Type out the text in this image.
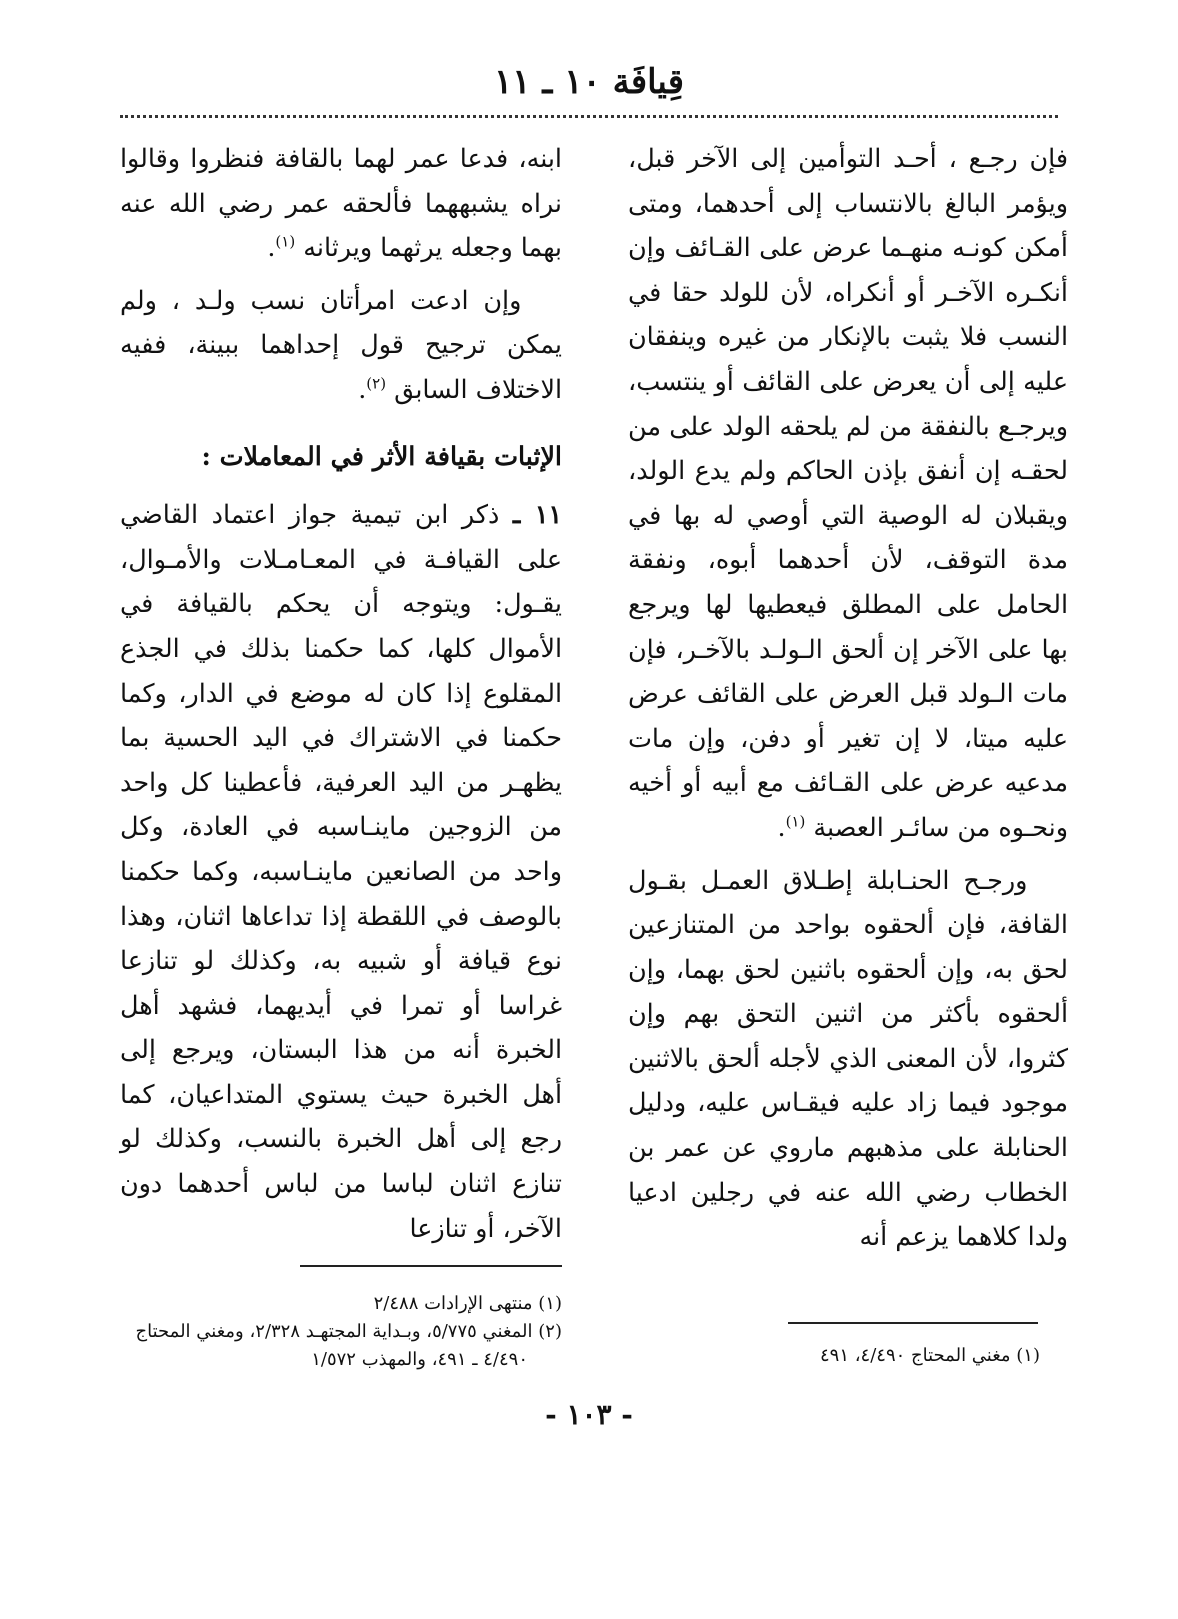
قِيافَة ١٠ ـ ١١

فإن رجـع ، أحـد التوأمين إلى الآخر قبل، ويؤمر البالغ بالانتساب إلى أحدهما، ومتى أمكن كونـه منهـما عرض على القـائف وإن أنكـره الآخـر أو أنكراه، لأن للولد حقا في النسب فلا يثبت بالإنكار من غيره وينفقان عليه إلى أن يعرض على القائف أو ينتسب، ويرجـع بالنفقة من لم يلحقه الولد على من لحقـه إن أنفق بإذن الحاكم ولم يدع الولد، ويقبلان له الوصية التي أوصي له بها في مدة التوقف، لأن أحدهما أبوه، ونفقة الحامل على المطلق فيعطيها لها ويرجع بها على الآخر إن ألحق الـولـد بالآخـر، فإن مات الـولد قبل العرض على القائف عرض عليه ميتا، لا إن تغير أو دفن، وإن مات مدعيه عرض على القـائف مع أبيه أو أخيه ونحـوه من سائـر العصبة $^{(١)}$.

ورجـح الحنـابلة إطـلاق العمـل بقـول القافة، فإن ألحقوه بواحد من المتنازعين لحق به، وإن ألحقوه باثنين لحق بهما، وإن ألحقوه بأكثر من اثنين التحق بهم وإن كثروا، لأن المعنى الذي لأجله ألحق بالاثنين موجود فيما زاد عليه فيقـاس عليه، ودليل الحنابلة على مذهبهم ماروي عن عمر بن الخطاب رضي الله عنه في رجلين ادعيا ولدا كلاهما يزعم أنه

ابنه، فدعا عمر لهما بالقافة فنظروا وقالوا نراه يشبههما فألحقه عمر رضي الله عنه بهما وجعله يرثهما ويرثانه $^{(١)}$.

وإن ادعت امرأتان نسب ولـد ، ولم يمكن ترجيح قول إحداهما ببينة، ففيه الاختلاف السابق $^{(٢)}$.

الإثبات بقيافة الأثر في المعاملات :

١١ ـ ذكر ابن تيمية جواز اعتماد القاضي على القيافـة في المعـامـلات والأمـوال، يقـول: ويتوجه أن يحكم بالقيافة في الأموال كلها، كما حكمنا بذلك في الجذع المقلوع إذا كان له موضع في الدار، وكما حكمنا في الاشتراك في اليد الحسية بما يظهـر من اليد العرفية، فأعطينا كل واحد من الزوجين ماينـاسبه في العادة، وكل واحد من الصانعين ماينـاسبه، وكما حكمنا بالوصف في اللقطة إذا تداعاها اثنان، وهذا نوع قيافة أو شبيه به، وكذلك لو تنازعا غراسا أو تمرا في أيديهما، فشهد أهل الخبرة أنه من هذا البستان، ويرجع إلى أهل الخبرة حيث يستوي المتداعيان، كما رجع إلى أهل الخبرة بالنسب، وكذلك لو تنازع اثنان لباسا من لباس أحدهما دون الآخر، أو تنازعا

(١) منتهى الإرادات ٢/٤٨٨

(٢) المغني ٥/٧٧٥، وبـداية المجتهـد ٢/٣٢٨، ومغني المحتاج

٤/٤٩٠ ـ ٤٩١، والمهذب ١/٥٧٢	(١) مغني المحتاج ٤/٤٩٠، ٤٩١

- ١٠٣ -
